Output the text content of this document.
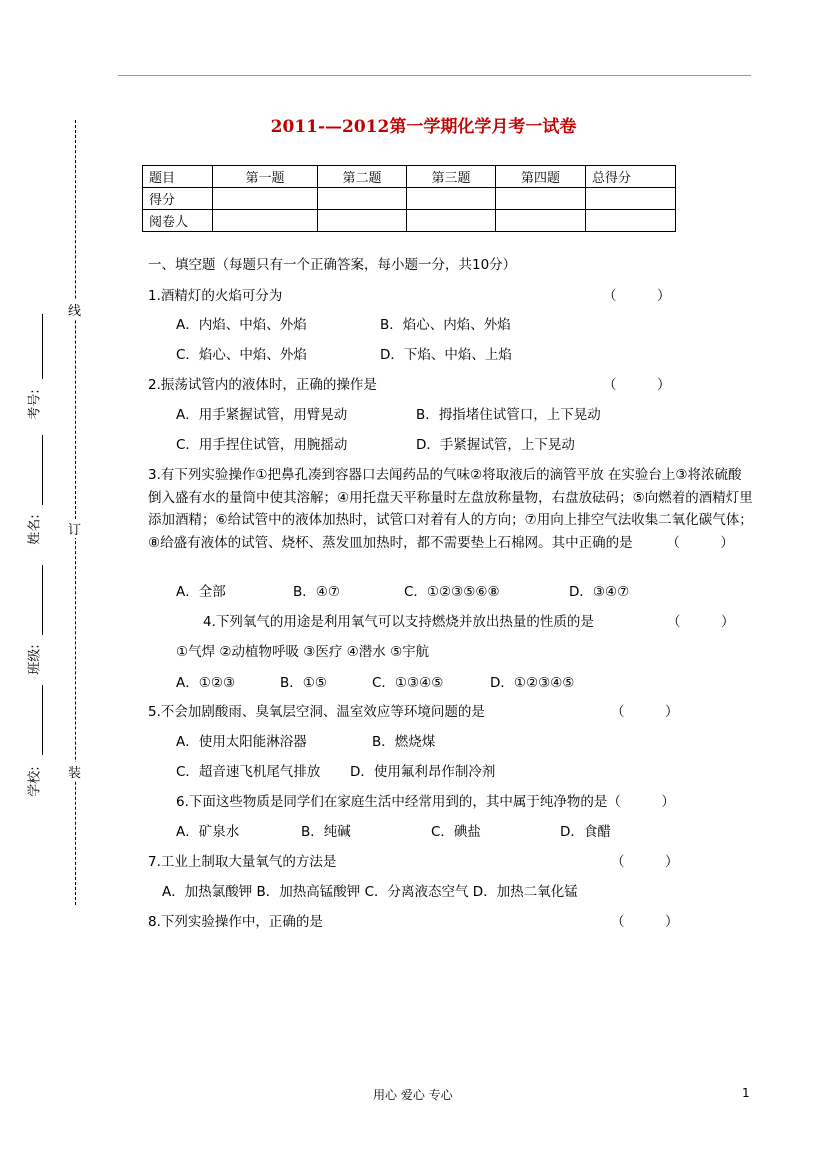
线
订
装
考号:
姓名:
班级:
学校:
2011-—2012第一学期化学月考一试卷
题目	第一题	第二题	第三题	第四题	总得分
得分					
阅卷人					
一、填空题（每题只有一个正确答案，每小题一分，共10分）
1.酒精灯的火焰可分为	（　　　）
A．内焰、中焰、外焰	B．焰心、内焰、外焰
C．焰心、中焰、外焰	D．下焰、中焰、上焰
2.振荡试管内的液体时，正确的操作是	（　　　）
A．用手紧握试管，用臂晃动	B．拇指堵住试管口，上下晃动
C．用手捏住试管，用腕摇动	D．手紧握试管，上下晃动
3.有下列实验操作①把鼻孔凑到容器口去闻药品的气味②将取液后的滴管平放 在实验台上③将浓硫酸倒入盛有水的量筒中使其溶解；④用托盘天平称量时左盘放称量物，右盘放砝码；⑤向燃着的酒精灯里添加酒精；⑥给试管中的液体加热时，试管口对着有人的方向；⑦用向上排空气法收集二氧化碳气体；⑧给盛有液体的试管、烧杯、蒸发皿加热时，都不需要垫上石棉网。其中正确的是　　　（　　　）
A．全部	B．④⑦	C．①②③⑤⑥⑧	D．③④⑦
4.下列氧气的用途是利用氧气可以支持燃烧并放出热量的性质的是	（　　　）
①气焊 ②动植物呼吸 ③医疗 ④潜水 ⑤宇航
A．①②③	B．①⑤	C．①③④⑤	D．①②③④⑤
5.不会加剧酸雨、臭氧层空洞、温室效应等环境问题的是	（　　　）
A．使用太阳能淋浴器	B．燃烧煤
C．超音速飞机尾气排放 D．使用氟利昂作制冷剂
6.下面这些物质是同学们在家庭生活中经常用到的，其中属于纯净物的是（　　　）
A．矿泉水	B．纯碱	C．碘盐	D．食醋
7.工业上制取大量氧气的方法是	（　　　）
A．加热氯酸钾 B．加热高锰酸钾 C．分离液态空气 D．加热二氧化锰
8.下列实验操作中，正确的是	（　　　）
用心 爱心 专心	1
